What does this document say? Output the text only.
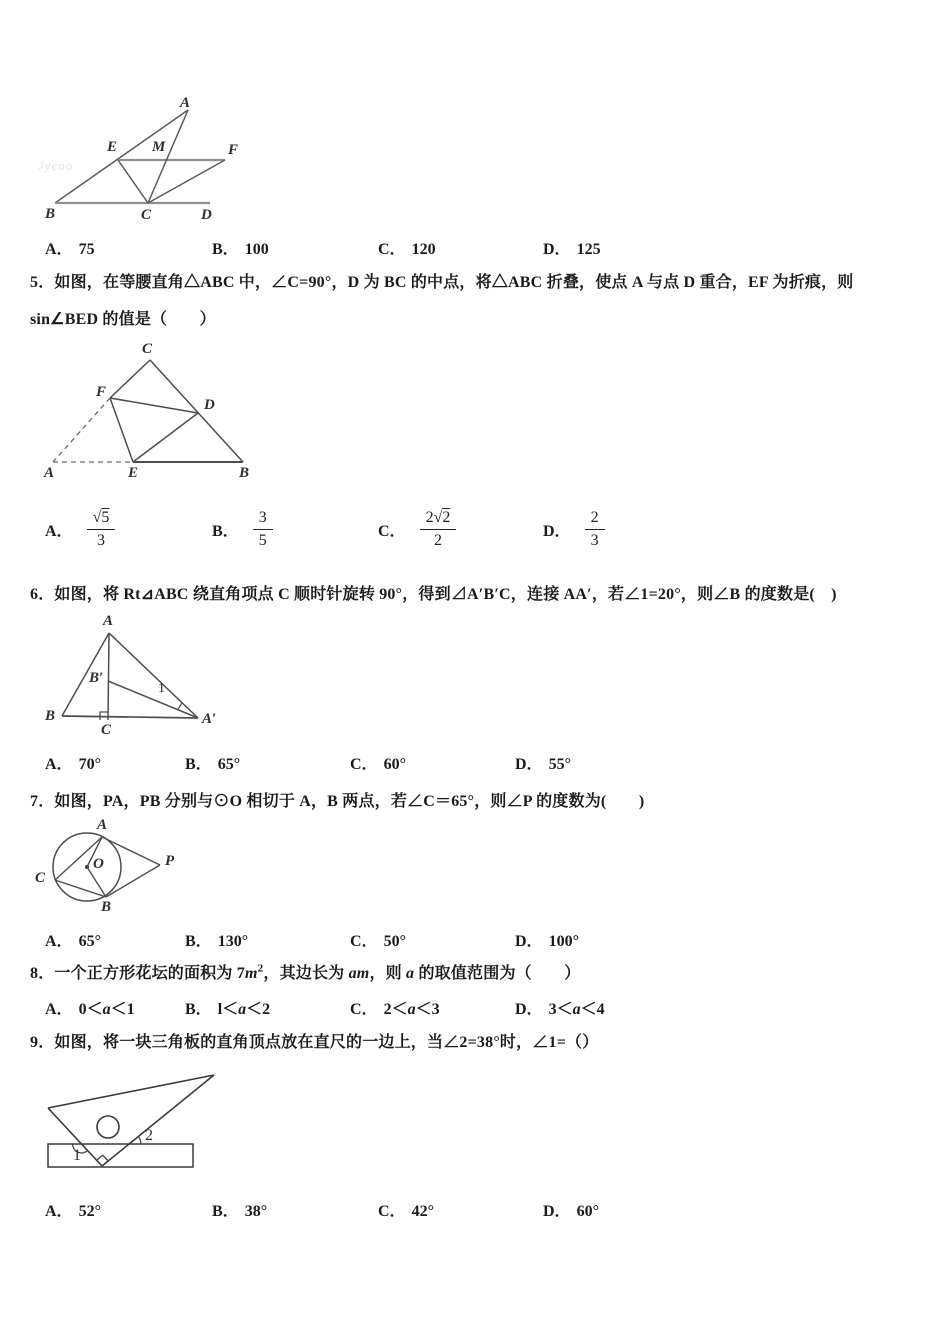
Jyeoo
A
E M	F
B	C	D
A． 75	B． 100	C． 120	D． 125
5．如图，在等腰直角△ABC 中，∠C=90°，D 为 BC 的中点，将△ABC 折叠，使点 A 与点 D 重合，EF 为折痕，则
sin∠BED 的值是（　　）
C
F
D
A	E	B
A． $\frac{√5}{3}$	B． $\frac{3}{5}$	C． $\frac{2√2}{2}$	D． $\frac{2}{3}$
6．如图，将 Rt⊿ABC 绕直角项点 C 顺时针旋转 90°，得到⊿A′B′C，连接 AA′，若∠1=20°，则∠B 的度数是(　)
A
B
B′
C
A′
1
A． 70°	B． 65°	C． 60°	D． 55°
7．如图，PA，PB 分别与⊙O 相切于 A，B 两点，若∠C＝65°，则∠P 的度数为(　　)
A
C
B
O	P
A． 65°	B． 130°	C． 50°	D． 100°
8．一个正方形花坛的面积为 $7m^2$，其边长为 am，则 a 的取值范围为（　　）
A． 0＜a＜1	B． l＜a＜2	C． 2＜a＜3	D． 3＜a＜4
9．如图，将一块三角板的直角顶点放在直尺的一边上，当∠2=38°时，∠1=（）
1
2
A． 52°	B． 38°	C． 42°	D． 60°
